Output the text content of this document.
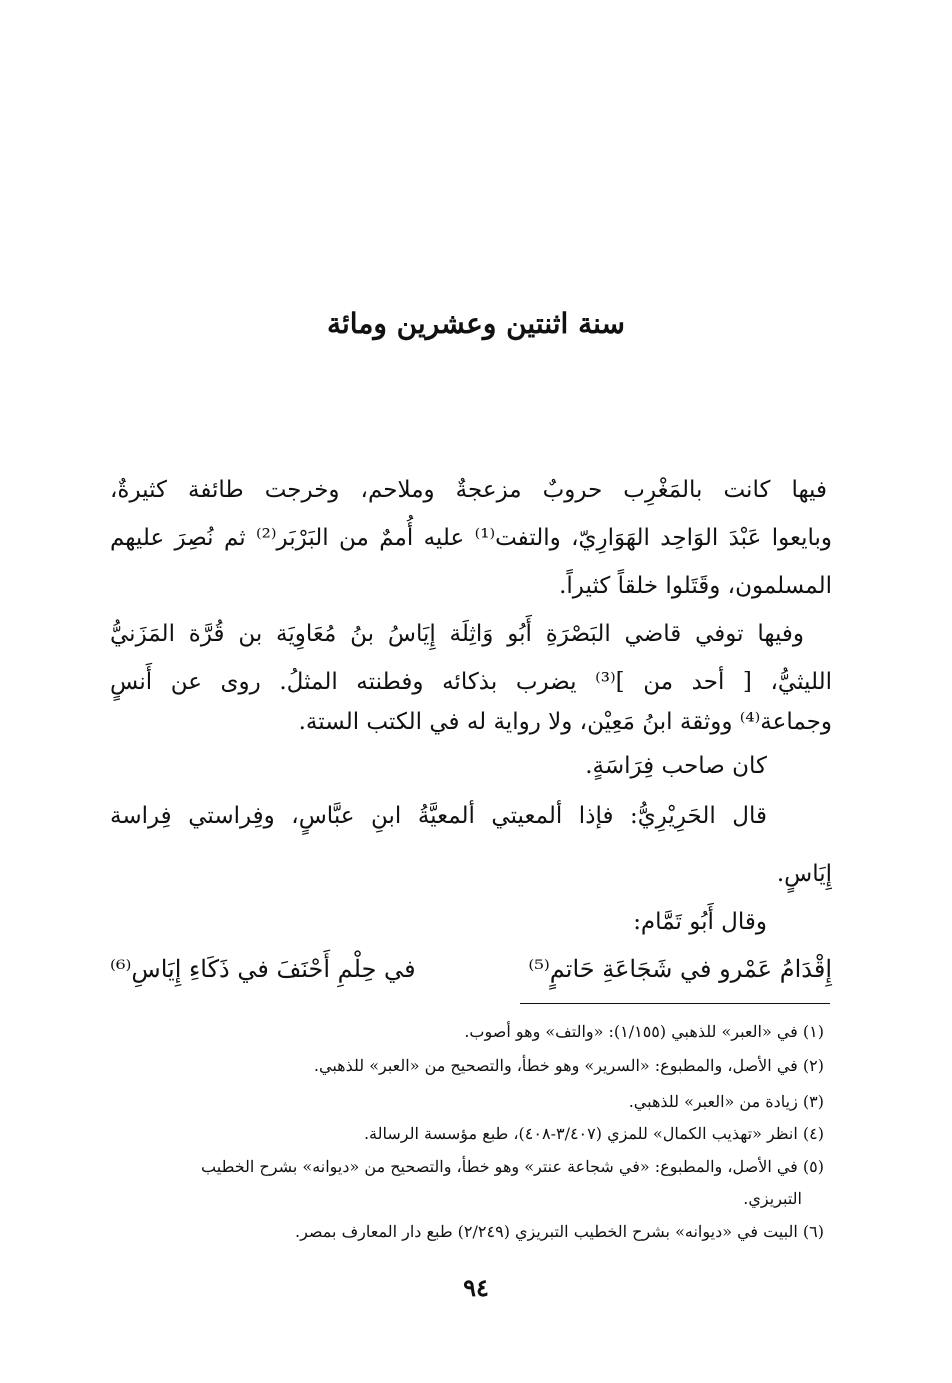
سنة اثنتين وعشرين ومائة
فيها كانت بالمَغْرِب حروبٌ مزعجةٌ وملاحم، وخرجت طائفة كثيرةٌ،
وبايعوا عَبْدَ الوَاحِد الهَوَارِيّ، والتفت⁽¹⁾ عليه أُممٌ من البَرْبَر⁽²⁾ ثم نُصِرَ عليهم
المسلمون، وقَتَلوا خلقاً كثيراً.
وفيها توفي قاضي البَصْرَةِ أَبُو وَاثِلَة إِيَاسُ بنُ مُعَاوِيَة بن قُرَّة المَزَنيُّ
الليثيُّ، [ أحد من ]⁽³⁾ يضرب بذكائه وفطنته المثلُ. روى عن أَنسٍ
وجماعة⁽⁴⁾ ووثقة ابنُ مَعِيْن، ولا رواية له في الكتب الستة.
كان صاحب فِرَاسَةٍ.
قال الحَرِيْرِيُّ: فإذا ألمعيتي ألمعيَّةُ ابنِ عبَّاسٍ، وفِراستي فِراسة
إِيَاسٍ.
وقال أَبُو تَمَّام:
إِقْدَامُ عَمْرو في شَجَاعَةِ حَاتمٍ⁽⁵⁾
في حِلْمِ أَحْنَفَ في ذَكَاءِ إِيَاسِ⁽⁶⁾
(١) في «العبر» للذهبي (١/١٥٥): «والتف» وهو أصوب.
(٢) في الأصل، والمطبوع: «السرير» وهو خطأ، والتصحيح من «العبر» للذهبي.
(٣) زيادة من «العبر» للذهبي.
(٤) انظر «تهذيب الكمال» للمزي (٣/٤٠٧-٤٠٨)، طبع مؤسسة الرسالة.
(٥) في الأصل، والمطبوع: «في شجاعة عنتر» وهو خطأ، والتصحيح من «ديوانه» بشرح الخطيب
التبريزي.
(٦) البيت في «ديوانه» بشرح الخطيب التبريزي (٢/٢٤٩) طبع دار المعارف بمصر.
٩٤
